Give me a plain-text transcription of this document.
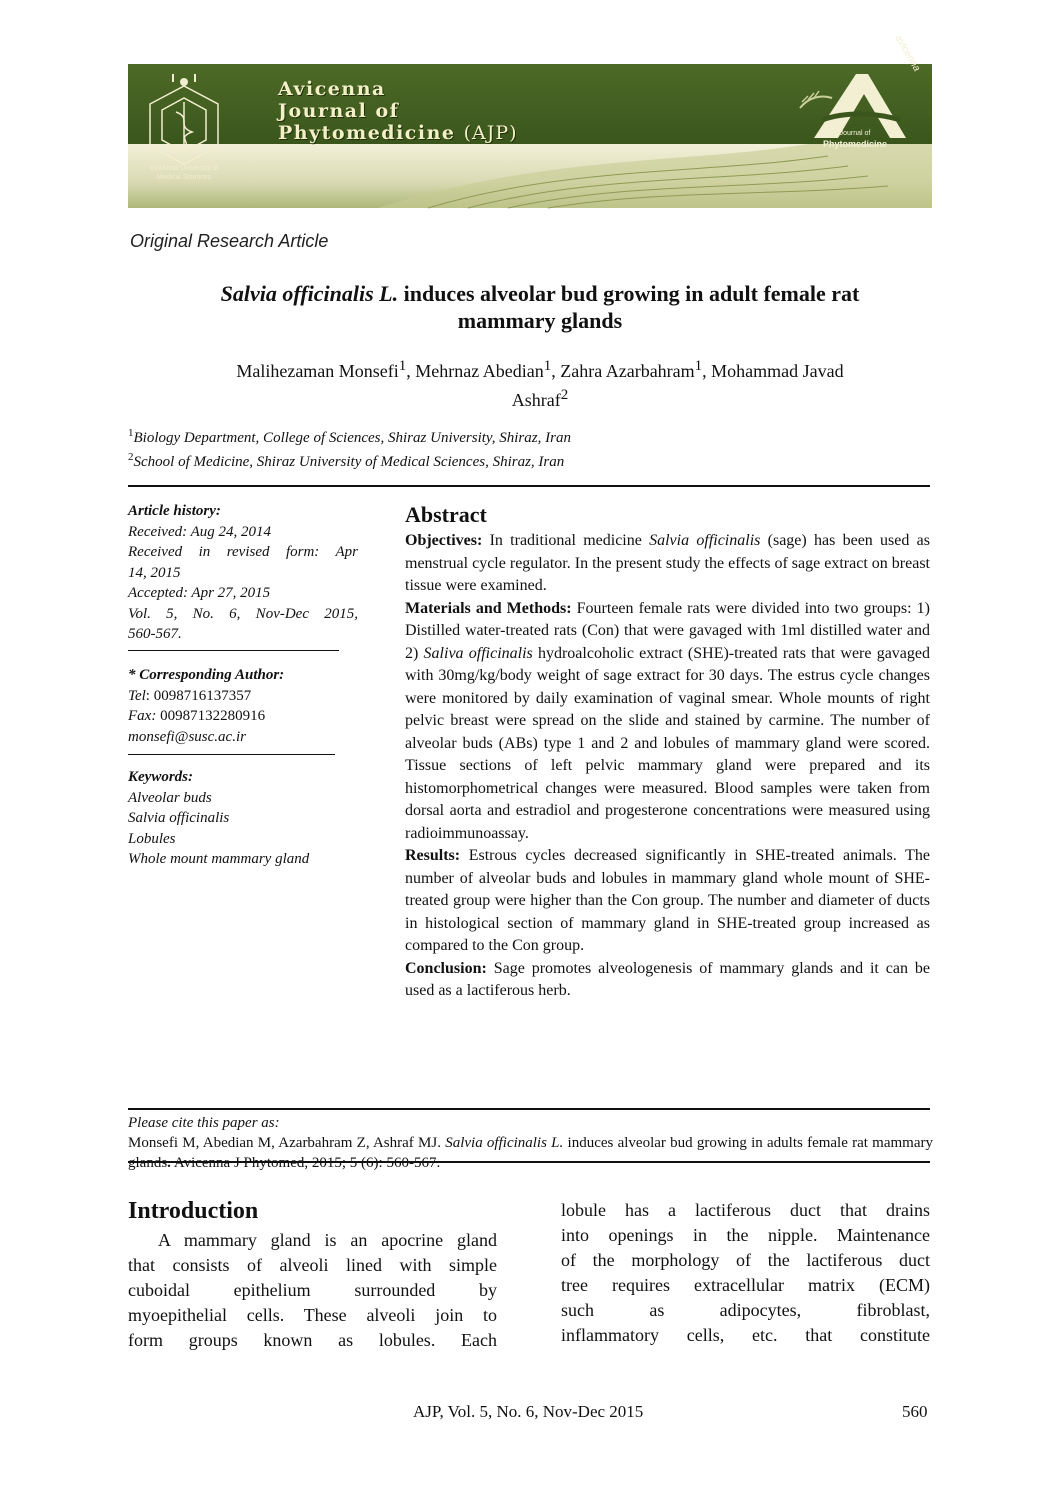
Mashhad University of Medical Sciences
Avicenna
Journal of
Phytomedicine (AJP)
avicenna
Journal of
Phytomedicine
Original Research Article
Salvia officinalis L. induces alveolar bud growing in adult female rat
mammary glands
Malihezaman Monsefi$^1$, Mehrnaz Abedian$^1$, Zahra Azarbahram$^1$, Mohammad Javad
Ashraf$^2$
$^1$Biology Department, College of Sciences, Shiraz University, Shiraz, Iran
$^2$School of Medicine, Shiraz University of Medical Sciences, Shiraz, Iran
Article history:
Received: Aug 24, 2014
Received in revised form: Apr
14, 2015
Accepted: Apr 27, 2015
Vol. 5, No. 6, Nov-Dec 2015,
560-567.
* Corresponding Author:
Tel: 0098716137357
Fax: 00987132280916
monsefi@susc.ac.ir
Keywords:
Alveolar buds
Salvia officinalis
Lobules
Whole mount mammary gland
Abstract

Objectives: In traditional medicine Salvia officinalis (sage) has been used as menstrual cycle regulator. In the present study the effects of sage extract on breast tissue were examined.

Materials and Methods: Fourteen female rats were divided into two groups: 1) Distilled water-treated rats (Con) that were gavaged with 1ml distilled water and 2) Saliva officinalis hydroalcoholic extract (SHE)-treated rats that were gavaged with 30mg/kg/body weight of sage extract for 30 days. The estrus cycle changes were monitored by daily examination of vaginal smear. Whole mounts of right pelvic breast were spread on the slide and stained by carmine. The number of alveolar buds (ABs) type 1 and 2 and lobules of mammary gland were scored. Tissue sections of left pelvic mammary gland were prepared and its histomorphometrical changes were measured. Blood samples were taken from dorsal aorta and estradiol and progesterone concentrations were measured using radioimmunoassay.

Results: Estrous cycles decreased significantly in SHE-treated animals. The number of alveolar buds and lobules in mammary gland whole mount of SHE-treated group were higher than the Con group. The number and diameter of ducts in histological section of mammary gland in SHE-treated group increased as compared to the Con group.

Conclusion: Sage promotes alveologenesis of mammary glands and it can be used as a lactiferous herb.

Please cite this paper as:

Monsefi M, Abedian M, Azarbahram Z, Ashraf MJ. Salvia officinalis L. induces alveolar bud growing in adults female rat mammary glands. Avicenna J Phytomed, 2015; 5 (6): 560-567.

Introduction

A mammary gland is an apocrine gland

that consists of alveoli lined with simple

cuboidal epithelium surrounded by

myoepithelial cells. These alveoli join to

form groups known as lobules. Each

lobule has a lactiferous duct that drains

into openings in the nipple. Maintenance

of the morphology of the lactiferous duct

tree requires extracellular matrix (ECM)

such as adipocytes, fibroblast,

inflammatory cells, etc. that constitute

AJP, Vol. 5, No. 6, Nov-Dec 2015	560
